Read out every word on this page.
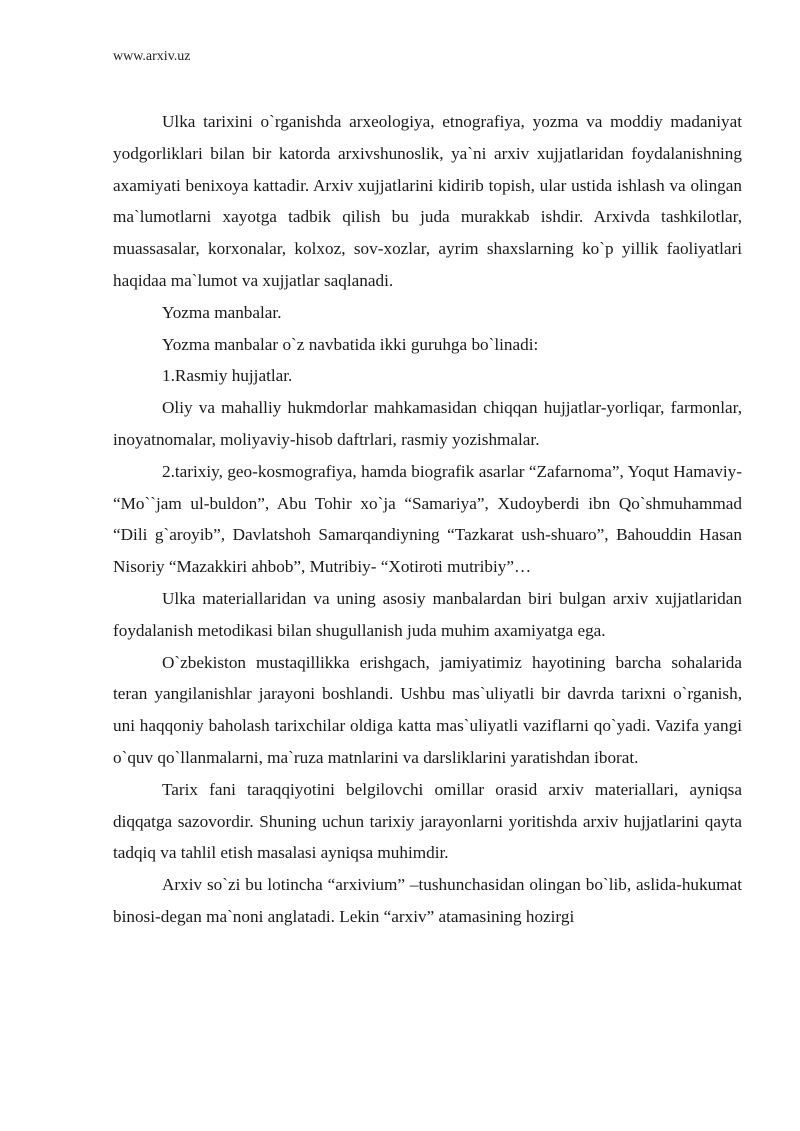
www.arxiv.uz

Ulka tarixini o`rganishda arxeologiya, etnografiya, yozma va moddiy madaniyat yodgorliklari bilan bir katorda arxivshunoslik, ya`ni arxiv xujjatlaridan foydalanishning axamiyati benixoya kattadir. Arxiv xujjatlarini kidirib topish, ular ustida ishlash va olingan ma`lumotlarni xayotga tadbik qilish bu juda murakkab ishdir. Arxivda tashkilotlar, muassasalar, korxonalar, kolxoz, sov-xozlar, ayrim shaxslarning ko`p yillik faoliyatlari haqidaa ma`lumot va xujjatlar saqlanadi.

Yozma manbalar.

Yozma manbalar o`z navbatida ikki guruhga bo`linadi:

1.Rasmiy hujjatlar.

Oliy va mahalliy hukmdorlar mahkamasidan chiqqan hujjatlar-yorliqar, farmonlar, inoyatnomalar, moliyaviy-hisob daftrlari, rasmiy yozishmalar.

2.tarixiy, geo-kosmografiya, hamda biografik asarlar “Zafarnoma”, Yoqut Hamaviy- “Mo``jam ul-buldon”, Abu Tohir xo`ja “Samariya”, Xudoyberdi ibn Qo`shmuhammad “Dili g`aroyib”, Davlatshoh Samarqandiyning “Tazkarat ush-shuaro”, Bahouddin Hasan Nisoriy “Mazakkiri ahbob”, Mutribiy- “Xotiroti mutribiy”…

Ulka materiallaridan va uning asosiy manbalardan biri bulgan arxiv xujjatlaridan foydalanish metodikasi bilan shugullanish juda muhim axamiyatga ega.

O`zbekiston mustaqillikka erishgach, jamiyatimiz hayotining barcha sohalarida teran yangilanishlar jarayoni boshlandi. Ushbu mas`uliyatli bir davrda tarixni o`rganish, uni haqqoniy baholash tarixchilar oldiga katta mas`uliyatli vaziflarni qo`yadi. Vazifa yangi o`quv qo`llanmalarni, ma`ruza matnlarini va darsliklarini yaratishdan iborat.

Tarix fani taraqqiyotini belgilovchi omillar orasid arxiv materiallari, ayniqsa diqqatga sazovordir. Shuning uchun tarixiy jarayonlarni yoritishda arxiv hujjatlarini qayta tadqiq va tahlil etish masalasi ayniqsa muhimdir.

Arxiv so`zi bu lotincha “arxivium” –tushunchasidan olingan bo`lib, aslida-hukumat binosi-degan ma`noni anglatadi. Lekin “arxiv” atamasining hozirgi
